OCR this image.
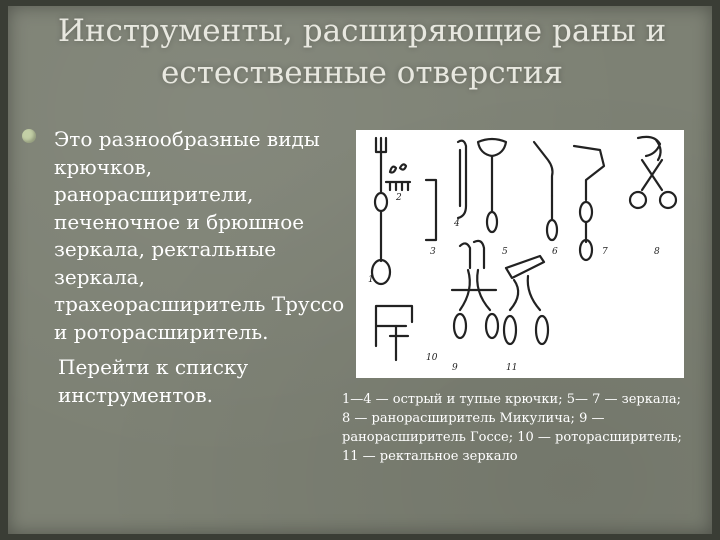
Инструменты, расширяющие раны и
естественные отверстия

Это разнообразные виды крючков, ранорасширители, печеночное и брюшное зеркала, ректальные зеркала, трахеорасширитель Труссо и роторасширитель.

Перейти к списку инструментов.

1
2
3
4
5	6	7	8
9
10
11
1—4 — острый и тупые крючки; 5— 7 — зеркала; 8 — ранорасширитель Микулича; 9 — ранорасширитель Госсе; 10 — роторасширитель; 11 — ректальное зеркало
